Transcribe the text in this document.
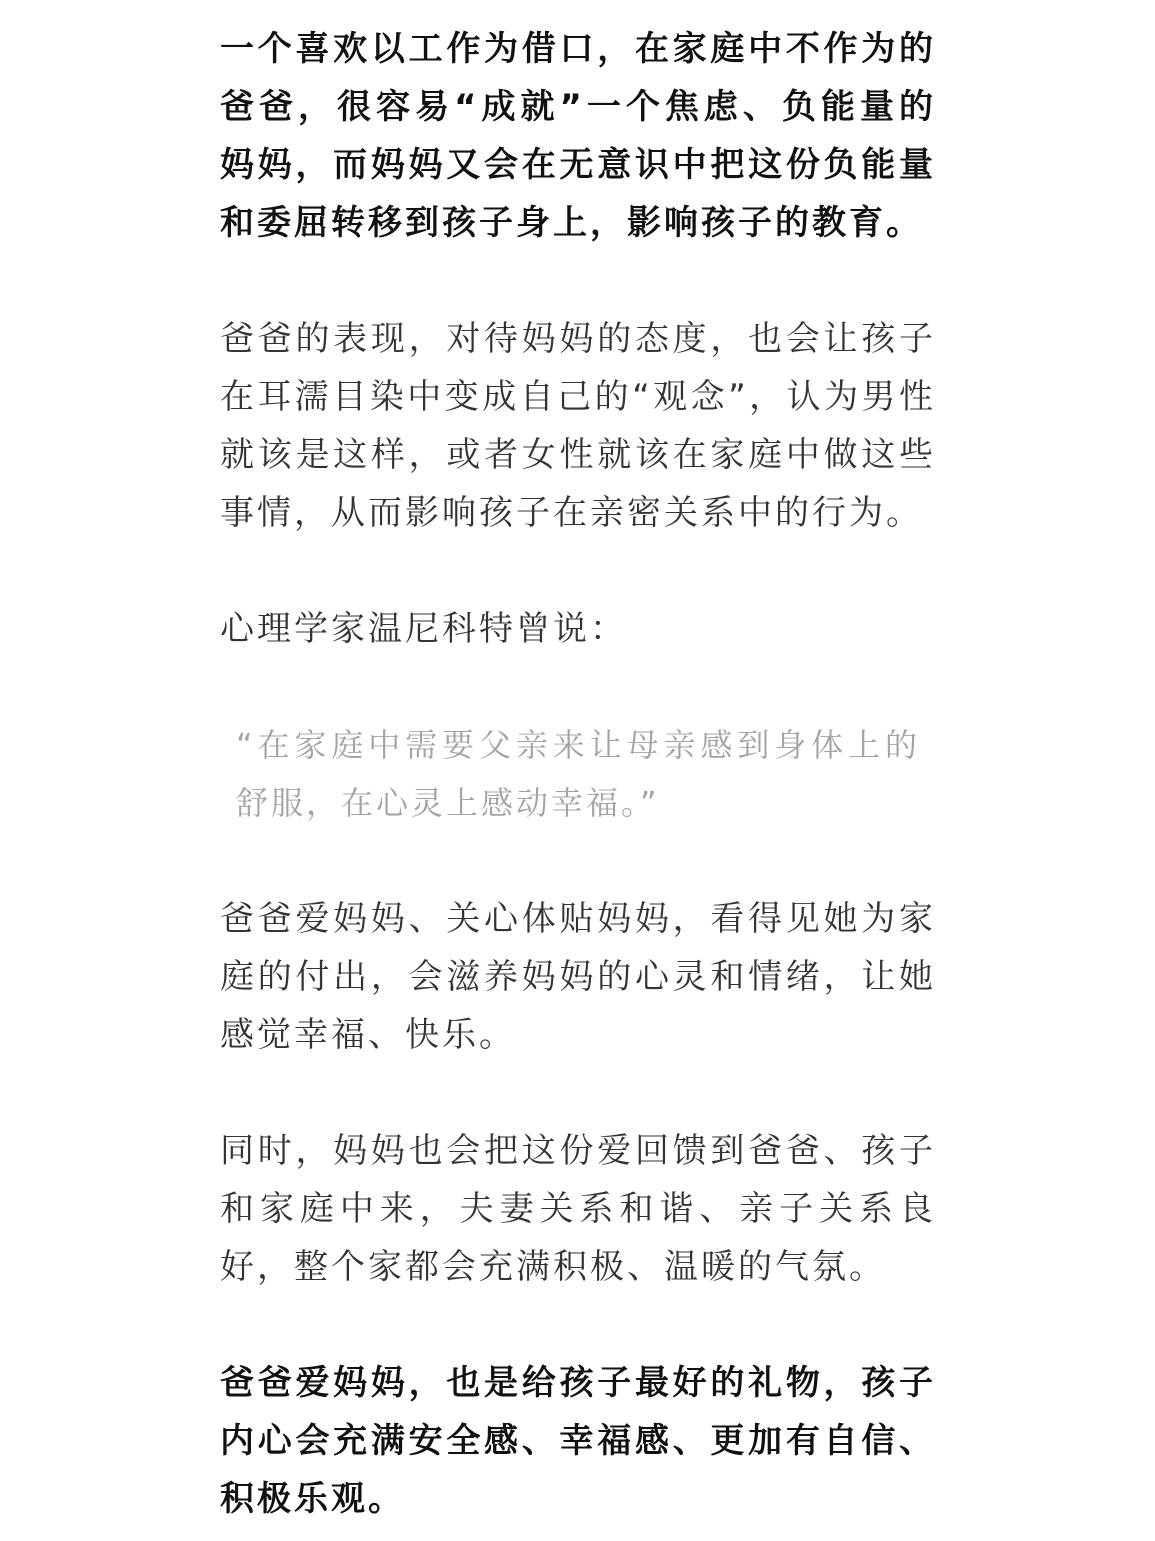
一个喜欢以工作为借口，在家庭中不作为的爸爸，很容易“成就”一个焦虑、负能量的妈妈，而妈妈又会在无意识中把这份负能量和委屈转移到孩子身上，影响孩子的教育。

爸爸的表现，对待妈妈的态度，也会让孩子在耳濡目染中变成自己的“观念”，认为男性就该是这样，或者女性就该在家庭中做这些事情，从而影响孩子在亲密关系中的行为。

心理学家温尼科特曾说：

“在家庭中需要父亲来让母亲感到身体上的舒服，在心灵上感动幸福。”

爸爸爱妈妈、关心体贴妈妈，看得见她为家庭的付出，会滋养妈妈的心灵和情绪，让她感觉幸福、快乐。

同时，妈妈也会把这份爱回馈到爸爸、孩子和家庭中来，夫妻关系和谐、亲子关系良好，整个家都会充满积极、温暖的气氛。

爸爸爱妈妈，也是给孩子最好的礼物，孩子内心会充满安全感、幸福感、更加有自信、积极乐观。
